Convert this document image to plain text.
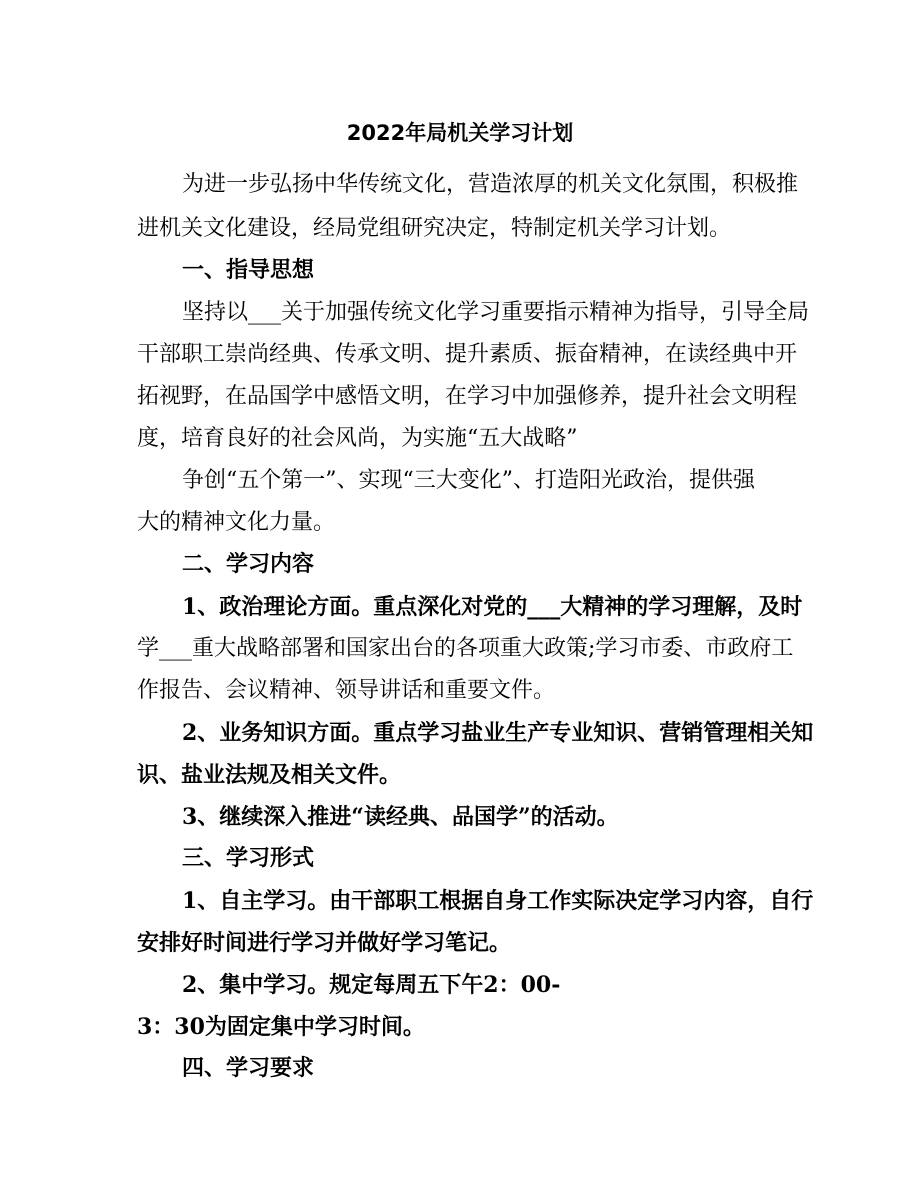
2022年局机关学习计划
为进一步弘扬中华传统文化，营造浓厚的机关文化氛围，积极推
进机关文化建设，经局党组研究决定，特制定机关学习计划。
一、指导思想
坚持以___关于加强传统文化学习重要指示精神为指导，引导全局
干部职工崇尚经典、传承文明、提升素质、振奋精神，在读经典中开
拓视野，在品国学中感悟文明，在学习中加强修养，提升社会文明程
度，培育良好的社会风尚，为实施“五大战略”
争创“五个第一”、实现“三大变化”、打造阳光政治，提供强
大的精神文化力量。
二、学习内容
1、政治理论方面。重点深化对党的___大精神的学习理解，及时
学___重大战略部署和国家出台的各项重大政策;学习市委、市政府工
作报告、会议精神、领导讲话和重要文件。
2、业务知识方面。重点学习盐业生产专业知识、营销管理相关知
识、盐业法规及相关文件。
3、继续深入推进“读经典、品国学”的活动。
三、学习形式
1、自主学习。由干部职工根据自身工作实际决定学习内容，自行
安排好时间进行学习并做好学习笔记。
2、集中学习。规定每周五下午2：00-
3：30为固定集中学习时间。
四、学习要求
